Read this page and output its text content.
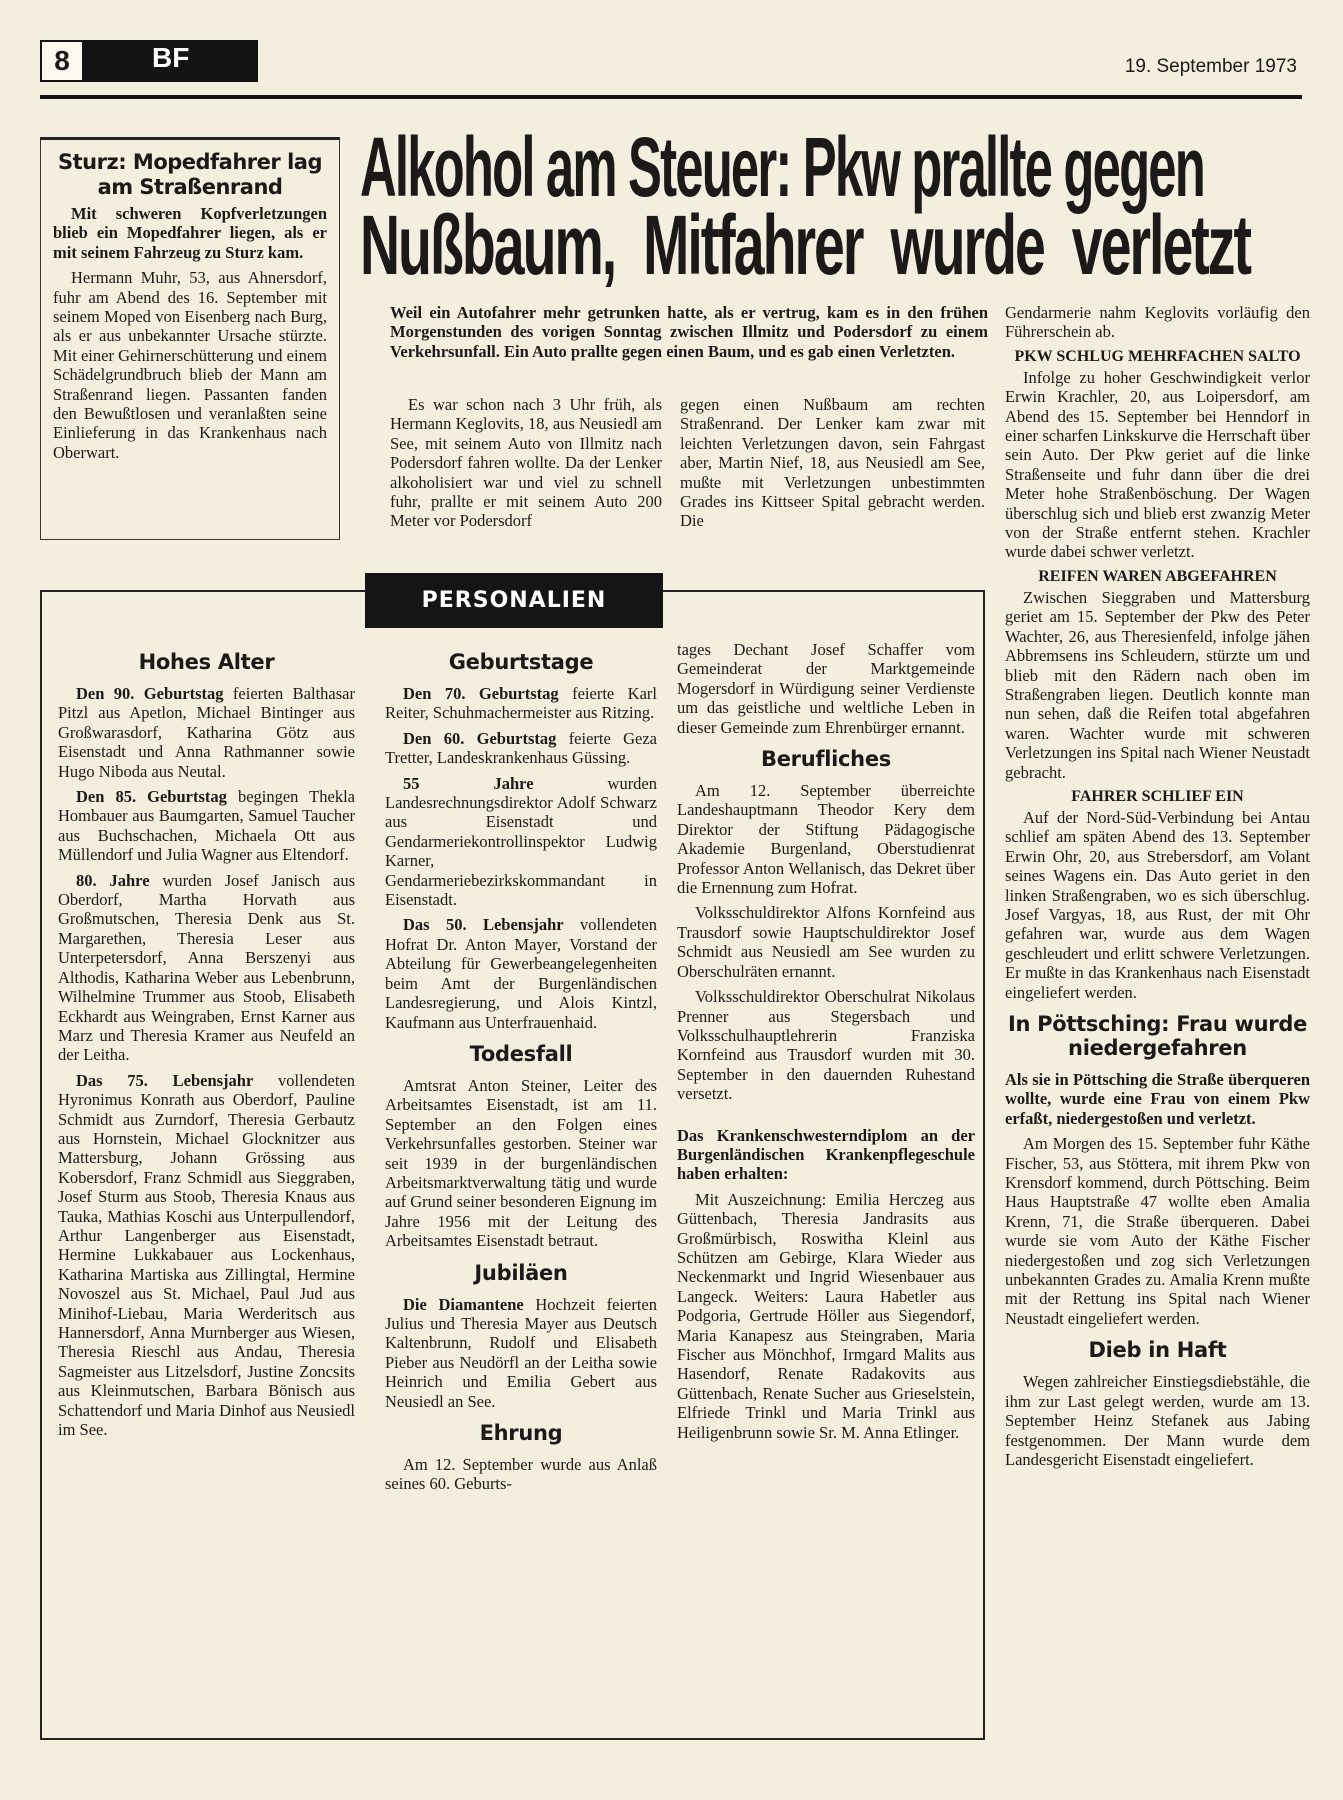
8	BF	19. September 1973
Sturz: Mopedfahrer lag am Straßenrand

Mit schweren Kopfverletzungen blieb ein Mopedfahrer liegen, als er mit seinem Fahrzeug zu Sturz kam.

Hermann Muhr, 53, aus Ahnersdorf, fuhr am Abend des 16. September mit seinem Moped von Eisenberg nach Burg, als er aus unbekannter Ursache stürzte. Mit einer Gehirnerschütterung und einem Schädelgrundbruch blieb der Mann am Straßenrand liegen. Passanten fanden den Bewußtlosen und veranlaßten seine Einlieferung in das Krankenhaus nach Oberwart.

Alkohol am Steuer: Pkw prallte gegen
Nußbaum, Mitfahrer wurde verletzt
Weil ein Autofahrer mehr getrunken hatte, als er vertrug, kam es in den frühen Morgenstunden des vorigen Sonntag zwischen Illmitz und Podersdorf zu einem Verkehrsunfall. Ein Auto prallte gegen einen Baum, und es gab einen Verletzten.

Es war schon nach 3 Uhr früh, als Hermann Keglovits, 18, aus Neusiedl am See, mit seinem Auto von Illmitz nach Podersdorf fahren wollte. Da der Lenker alkoholisiert war und viel zu schnell fuhr, prallte er mit seinem Auto 200 Meter vor Podersdorf

gegen einen Nußbaum am rechten Straßenrand. Der Lenker kam zwar mit leichten Verletzungen davon, sein Fahrgast aber, Martin Nief, 18, aus Neusiedl am See, mußte mit Verletzungen unbestimmten Grades ins Kittseer Spital gebracht werden. Die

Gendarmerie nahm Keglovits vorläufig den Führerschein ab.

PKW SCHLUG MEHRFACHEN SALTO

Infolge zu hoher Geschwindigkeit verlor Erwin Krachler, 20, aus Loipersdorf, am Abend des 15. September bei Henndorf in einer scharfen Linkskurve die Herrschaft über sein Auto. Der Pkw geriet auf die linke Straßenseite und fuhr dann über die drei Meter hohe Straßenböschung. Der Wagen überschlug sich und blieb erst zwanzig Meter von der Straße entfernt stehen. Krachler wurde dabei schwer verletzt.

REIFEN WAREN ABGEFAHREN

Zwischen Sieggraben und Mattersburg geriet am 15. September der Pkw des Peter Wachter, 26, aus Theresienfeld, infolge jähen Abbremsens ins Schleudern, stürzte um und blieb mit den Rädern nach oben im Straßengraben liegen. Deutlich konnte man nun sehen, daß die Reifen total abgefahren waren. Wachter wurde mit schweren Verletzungen ins Spital nach Wiener Neustadt gebracht.

FAHRER SCHLIEF EIN

Auf der Nord-Süd-Verbindung bei Antau schlief am späten Abend des 13. September Erwin Ohr, 20, aus Strebersdorf, am Volant seines Wagens ein. Das Auto geriet in den linken Straßengraben, wo es sich überschlug. Josef Vargyas, 18, aus Rust, der mit Ohr gefahren war, wurde aus dem Wagen geschleudert und erlitt schwere Verletzungen. Er mußte in das Krankenhaus nach Eisenstadt eingeliefert werden.

In Pöttsching: Frau wurde niedergefahren

Als sie in Pöttsching die Straße überqueren wollte, wurde eine Frau von einem Pkw erfaßt, niedergestoßen und verletzt.

Am Morgen des 15. September fuhr Käthe Fischer, 53, aus Stöttera, mit ihrem Pkw von Krensdorf kommend, durch Pöttsching. Beim Haus Hauptstraße 47 wollte eben Amalia Krenn, 71, die Straße überqueren. Dabei wurde sie vom Auto der Käthe Fischer niedergestoßen und zog sich Verletzungen unbekannten Grades zu. Amalia Krenn mußte mit der Rettung ins Spital nach Wiener Neustadt eingeliefert werden.

Dieb in Haft

Wegen zahlreicher Einstiegsdiebstähle, die ihm zur Last gelegt werden, wurde am 13. September Heinz Stefanek aus Jabing festgenommen. Der Mann wurde dem Landesgericht Eisenstadt eingeliefert.

PERSONALIEN
Hohes Alter

Den 90. Geburtstag feierten Balthasar Pitzl aus Apetlon, Michael Bintinger aus Großwarasdorf, Katharina Götz aus Eisenstadt und Anna Rathmanner sowie Hugo Niboda aus Neutal.

Den 85. Geburtstag begingen Thekla Hombauer aus Baumgarten, Samuel Taucher aus Buchschachen, Michaela Ott aus Müllendorf und Julia Wagner aus Eltendorf.

80. Jahre wurden Josef Janisch aus Oberdorf, Martha Horvath aus Großmutschen, Theresia Denk aus St. Margarethen, Theresia Leser aus Unterpetersdorf, Anna Berszenyi aus Althodis, Katharina Weber aus Lebenbrunn, Wilhelmine Trummer aus Stoob, Elisabeth Eckhardt aus Weingraben, Ernst Karner aus Marz und Theresia Kramer aus Neufeld an der Leitha.

Das 75. Lebensjahr vollendeten Hyronimus Konrath aus Oberdorf, Pauline Schmidt aus Zurndorf, Theresia Gerbautz aus Hornstein, Michael Glocknitzer aus Mattersburg, Johann Grössing aus Kobersdorf, Franz Schmidl aus Sieggraben, Josef Sturm aus Stoob, Theresia Knaus aus Tauka, Mathias Koschi aus Unterpullendorf, Arthur Langenberger aus Eisenstadt, Hermine Lukkabauer aus Lockenhaus, Katharina Martiska aus Zillingtal, Hermine Novoszel aus St. Michael, Paul Jud aus Minihof-Liebau, Maria Werderitsch aus Hannersdorf, Anna Murnberger aus Wiesen, Theresia Rieschl aus Andau, Theresia Sagmeister aus Litzelsdorf, Justine Zoncsits aus Kleinmutschen, Barbara Bönisch aus Schattendorf und Maria Dinhof aus Neusiedl im See.

Geburtstage

Den 70. Geburtstag feierte Karl Reiter, Schuhmachermeister aus Ritzing.

Den 60. Geburtstag feierte Geza Tretter, Landeskrankenhaus Güssing.

55 Jahre wurden Landesrechnungsdirektor Adolf Schwarz aus Eisenstadt und Gendarmeriekontrollinspektor Ludwig Karner, Gendarmeriebezirkskommandant in Eisenstadt.

Das 50. Lebensjahr vollendeten Hofrat Dr. Anton Mayer, Vorstand der Abteilung für Gewerbeangelegenheiten beim Amt der Burgenländischen Landesregierung, und Alois Kintzl, Kaufmann aus Unterfrauenhaid.

Todesfall

Amtsrat Anton Steiner, Leiter des Arbeitsamtes Eisenstadt, ist am 11. September an den Folgen eines Verkehrsunfalles gestorben. Steiner war seit 1939 in der burgenländischen Arbeitsmarktverwaltung tätig und wurde auf Grund seiner besonderen Eignung im Jahre 1956 mit der Leitung des Arbeitsamtes Eisenstadt betraut.

Jubiläen

Die Diamantene Hochzeit feierten Julius und Theresia Mayer aus Deutsch Kaltenbrunn, Rudolf und Elisabeth Pieber aus Neudörfl an der Leitha sowie Heinrich und Emilia Gebert aus Neusiedl an See.

Ehrung

Am 12. September wurde aus Anlaß seines 60. Geburts-

tages Dechant Josef Schaffer vom Gemeinderat der Marktgemeinde Mogersdorf in Würdigung seiner Verdienste um das geistliche und weltliche Leben in dieser Gemeinde zum Ehrenbürger ernannt.

Berufliches

Am 12. September überreichte Landeshauptmann Theodor Kery dem Direktor der Stiftung Pädagogische Akademie Burgenland, Oberstudienrat Professor Anton Wellanisch, das Dekret über die Ernennung zum Hofrat.

Volksschuldirektor Alfons Kornfeind aus Trausdorf sowie Hauptschuldirektor Josef Schmidt aus Neusiedl am See wurden zu Oberschulräten ernannt.

Volksschuldirektor Oberschulrat Nikolaus Prenner aus Stegersbach und Volksschulhauptlehrerin Franziska Kornfeind aus Trausdorf wurden mit 30. September in den dauernden Ruhestand versetzt.

Das Krankenschwesterndiplom an der Burgenländischen Krankenpflegeschule haben erhalten:

Mit Auszeichnung: Emilia Herczeg aus Güttenbach, Theresia Jandrasits aus Großmürbisch, Roswitha Kleinl aus Schützen am Gebirge, Klara Wieder aus Neckenmarkt und Ingrid Wiesenbauer aus Langeck. Weiters: Laura Habetler aus Podgoria, Gertrude Höller aus Siegendorf, Maria Kanapesz aus Steingraben, Maria Fischer aus Mönchhof, Irmgard Malits aus Hasendorf, Renate Radakovits aus Güttenbach, Renate Sucher aus Grieselstein, Elfriede Trinkl und Maria Trinkl aus Heiligenbrunn sowie Sr. M. Anna Etlinger.
